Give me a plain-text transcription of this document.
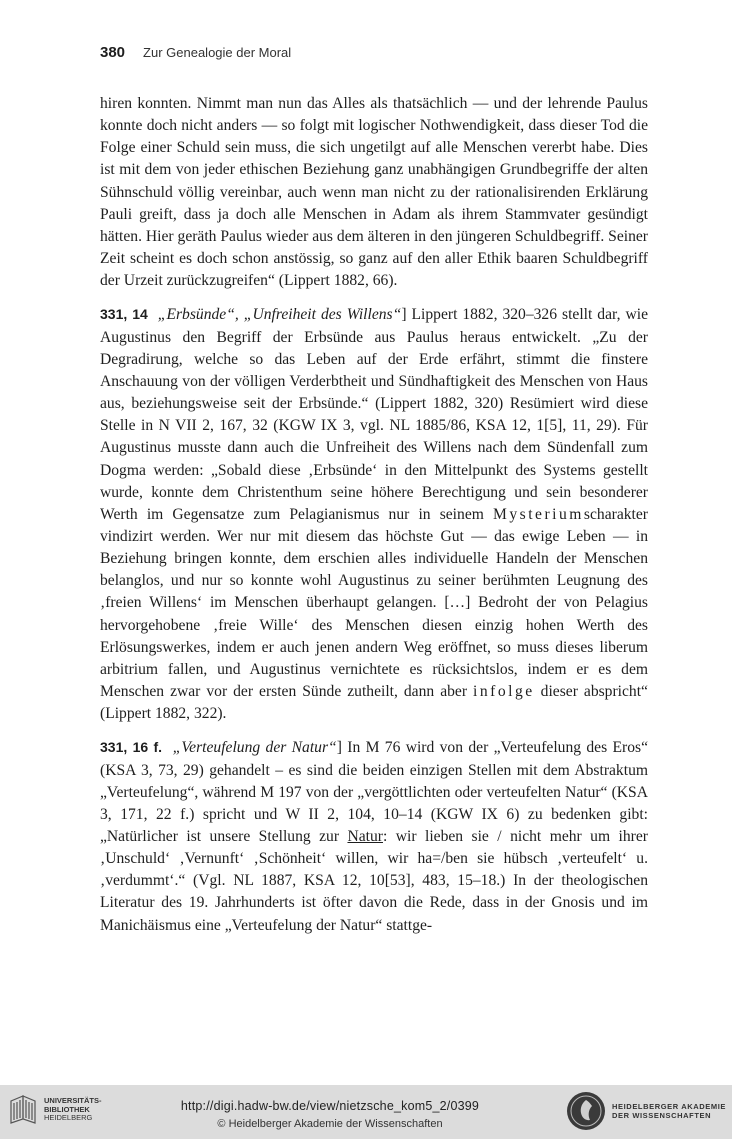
380 Zur Genealogie der Moral

hiren konnten. Nimmt man nun das Alles als thatsächlich — und der lehrende Paulus konnte doch nicht anders — so folgt mit logischer Nothwendigkeit, dass dieser Tod die Folge einer Schuld sein muss, die sich ungetilgt auf alle Menschen vererbt habe. Dies ist mit dem von jeder ethischen Beziehung ganz unabhängigen Grundbegriffe der alten Sühnschuld völlig vereinbar, auch wenn man nicht zu der rationalisirenden Erklärung Pauli greift, dass ja doch alle Menschen in Adam als ihrem Stammvater gesündigt hätten. Hier geräth Paulus wieder aus dem älteren in den jüngeren Schuldbegriff. Seiner Zeit scheint es doch schon anstössig, so ganz auf den aller Ethik baaren Schuldbegriff der Urzeit zurückzugreifen“ (Lippert 1882, 66).

331, 14 „Erbsünde“, „Unfreiheit des Willens“] Lippert 1882, 320–326 stellt dar, wie Augustinus den Begriff der Erbsünde aus Paulus heraus entwickelt. „Zu der Degradirung, welche so das Leben auf der Erde erfährt, stimmt die finstere Anschauung von der völligen Verderbtheit und Sündhaftigkeit des Menschen von Haus aus, beziehungsweise seit der Erbsünde.“ (Lippert 1882, 320) Resümiert wird diese Stelle in N VII 2, 167, 32 (KGW IX 3, vgl. NL 1885/86, KSA 12, 1[5], 11, 29). Für Augustinus musste dann auch die Unfreiheit des Willens nach dem Sündenfall zum Dogma werden: „Sobald diese ‚Erbsünde‘ in den Mittelpunkt des Systems gestellt wurde, konnte dem Christenthum seine höhere Berechtigung und sein besonderer Werth im Gegensatze zum Pelagianismus nur in seinem Mysteriumscharakter vindizirt werden. Wer nur mit diesem das höchste Gut — das ewige Leben — in Beziehung bringen konnte, dem erschien alles individuelle Handeln der Menschen belanglos, und nur so konnte wohl Augustinus zu seiner berühmten Leugnung des ‚freien Willens‘ im Menschen überhaupt gelangen. […] Bedroht der von Pelagius hervorgehobene ‚freie Wille‘ des Menschen diesen einzig hohen Werth des Erlösungswerkes, indem er auch jenen andern Weg eröffnet, so muss dieses liberum arbitrium fallen, und Augustinus vernichtete es rücksichtslos, indem er es dem Menschen zwar vor der ersten Sünde zutheilt, dann aber infolge dieser abspricht“ (Lippert 1882, 322).

331, 16 f. „Verteufelung der Natur“] In M 76 wird von der „Verteufelung des Eros“ (KSA 3, 73, 29) gehandelt – es sind die beiden einzigen Stellen mit dem Abstraktum „Verteufelung“, während M 197 von der „vergöttlichten oder verteufelten Natur“ (KSA 3, 171, 22 f.) spricht und W II 2, 104, 10–14 (KGW IX 6) zu bedenken gibt: „Natürlicher ist unsere Stellung zur Natur: wir lieben sie / nicht mehr um ihrer ‚Unschuld‘ ‚Vernunft‘ ‚Schönheit‘ willen, wir ha=/ben sie hübsch ‚verteufelt‘ u. ‚verdummt‘.“ (Vgl. NL 1887, KSA 12, 10[53], 483, 15–18.) In der theologischen Literatur des 19. Jahrhunderts ist öfter davon die Rede, dass in der Gnosis und im Manichäismus eine „Verteufelung der Natur“ stattge-

UNIVERSITÄTS-
BIBLIOTHEK
HEIDELBERG
http://digi.hadw-bw.de/view/nietzsche_kom5_2/0399
© Heidelberger Akademie der Wissenschaften
HEIDELBERGER AKADEMIE
DER WISSENSCHAFTEN
